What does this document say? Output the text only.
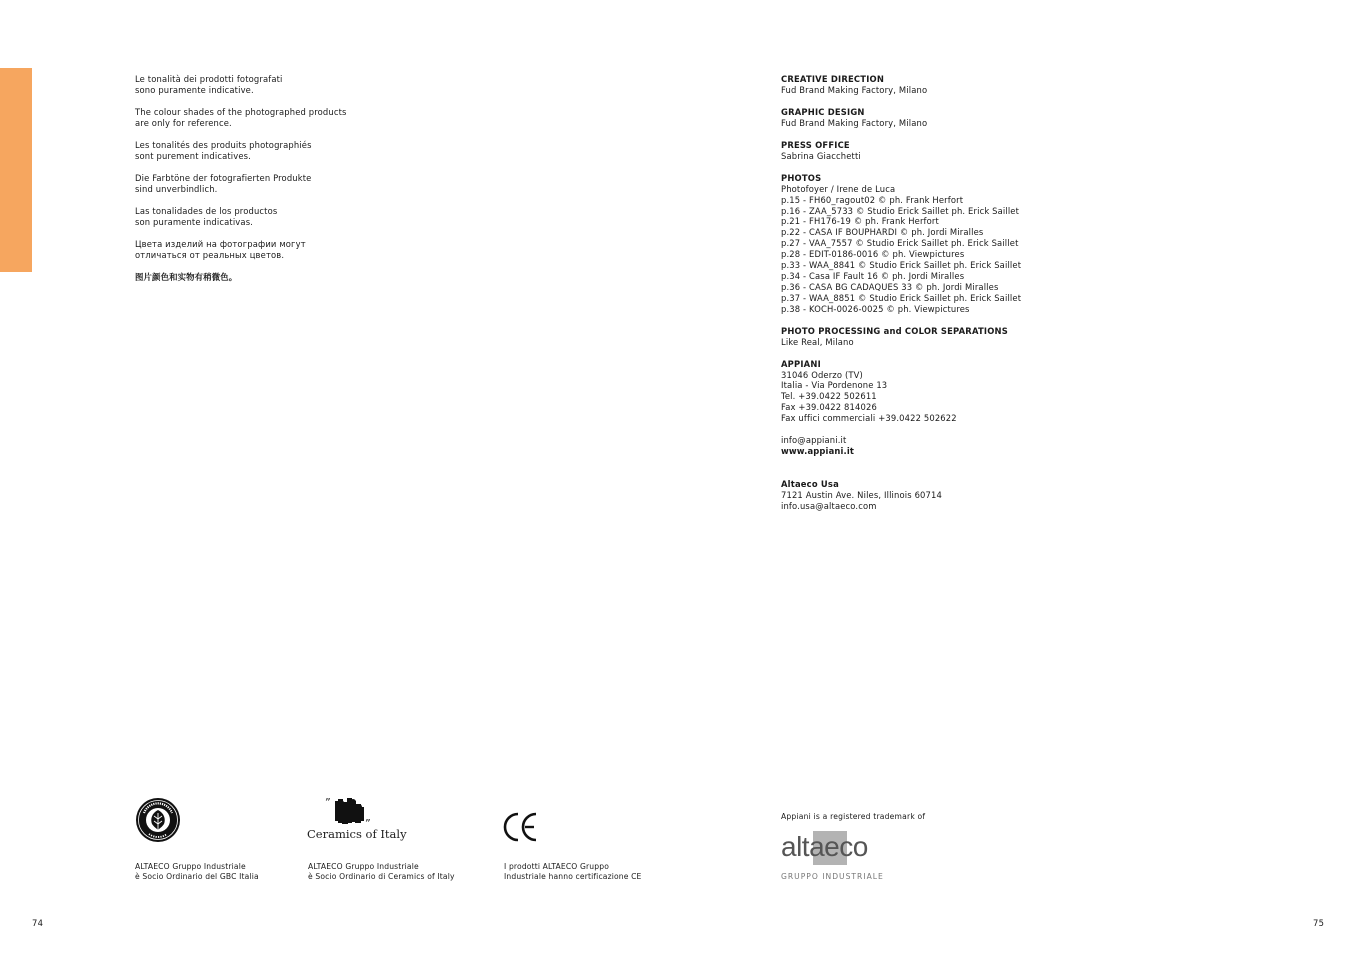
Le tonalità dei prodotti fotografati
sono puramente indicative.

The colour shades of the photographed products
are only for reference.

Les tonalités des produits photographiés
sont purement indicatives.

Die Farbtöne der fotografierten Produkte
sind unverbindlich.

Las tonalidades de los productos
son puramente indicativas.

Цвета изделий на фотографии могут
отличаться от реальных цветов.

图片颜色和实物有稍微色。

CREATIVE DIRECTION
Fud Brand Making Factory, Milano
GRAPHIC DESIGN
Fud Brand Making Factory, Milano
PRESS OFFICE
Sabrina Giacchetti
PHOTOS
Photofoyer / Irene de Luca
p.15 - FH60_ragout02 © ph. Frank Herfort
p.16 - ZAA_5733 © Studio Erick Saillet ph. Erick Saillet
p.21 - FH176-19 © ph. Frank Herfort
p.22 - CASA IF BOUPHARDI © ph. Jordi Miralles
p.27 - VAA_7557 © Studio Erick Saillet ph. Erick Saillet
p.28 - EDIT-0186-0016 © ph. Viewpictures
p.33 - WAA_8841 © Studio Erick Saillet ph. Erick Saillet
p.34 - Casa IF Fault 16 © ph. Jordi Miralles
p.36 - CASA BG CADAQUES 33 © ph. Jordi Miralles
p.37 - WAA_8851 © Studio Erick Saillet ph. Erick Saillet
p.38 - KOCH-0026-0025 © ph. Viewpictures
PHOTO PROCESSING and COLOR SEPARATIONS
Like Real, Milano
APPIANI
31046 Oderzo (TV)
Italia - Via Pordenone 13
Tel. +39.0422 502611
Fax +39.0422 814026
Fax uffici commerciali +39.0422 502622
info@appiani.it
www.appiani.it
Altaeco Usa
7121 Austin Ave. Niles, Illinois 60714
info.usa@altaeco.com
ALTAECO Gruppo Industriale
è Socio Ordinario del GBC Italia
”
”
Ceramics of Italy
ALTAECO Gruppo Industriale
è Socio Ordinario di Ceramics of Italy
I prodotti ALTAECO Gruppo
Industriale hanno certificazione CE
Appiani is a registered trademark of
altaeco
GRUPPO INDUSTRIALE
74	75
